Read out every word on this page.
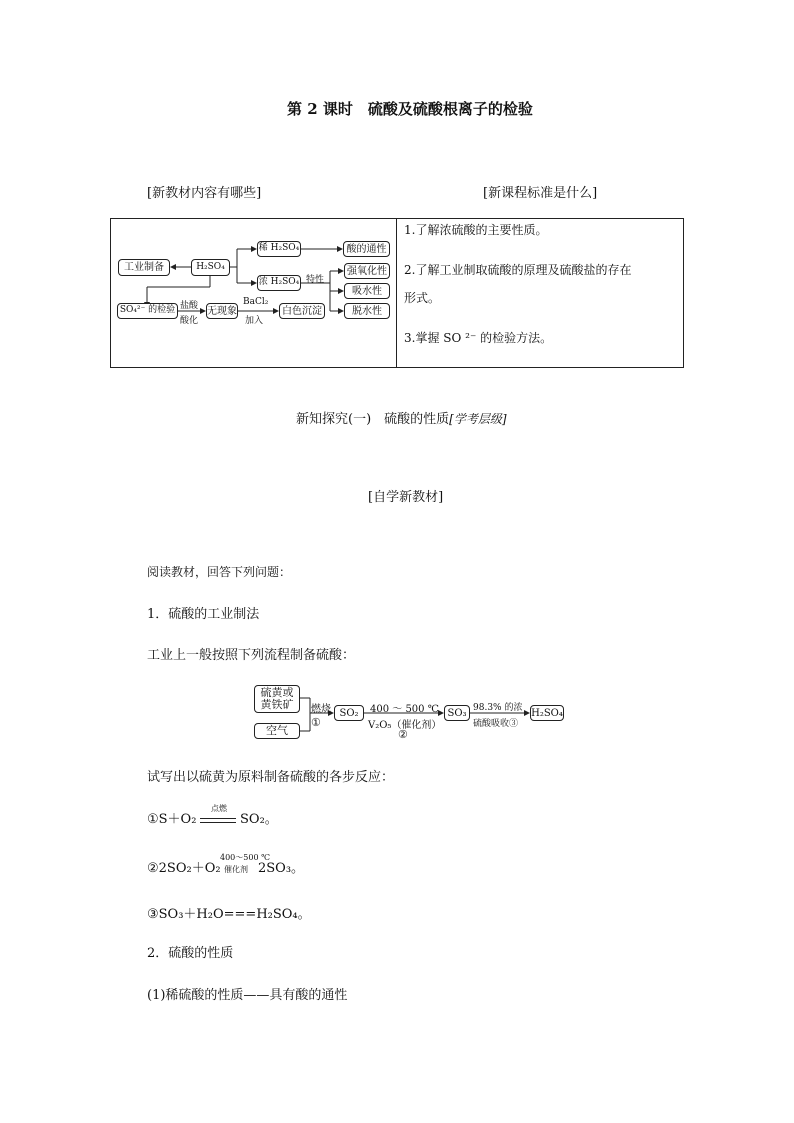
第 2 课时　硫酸及硫酸根离子的检验
[新教材内容有哪些]	[新课程标准是什么]
工业制备	H₂SO₄
稀 H₂SO₄	酸的通性
浓 H₂SO₄ 特性
强氧化性
吸水性
脱水性
SO₄²⁻ 的检验 盐酸
酸化
无现象
BaCl₂
加入
白色沉淀
1.了解浓硫酸的主要性质。
2.了解工业制取硫酸的原理及硫酸盐的存在
形式。
3.掌握 SO ²⁻ 的检验方法。
新知探究(一)　硫酸的性质[学考层级]
[自学新教材]
阅读教材，回答下列问题：
1．硫酸的工业制法
工业上一般按照下列流程制备硫酸：
硫黄或黄铁矿
空气
燃烧
①
SO₂	400 ～ 500 ℃
V₂O₅（催化剂）
②
SO₃ 98.3% 的浓
硫酸吸收③
H₂SO₄
试写出以硫黄为原料制备硫酸的各步反应：
①S＋O₂
点燃
SO₂。
②2SO₂＋O₂
400～500 ℃
催化剂 2SO₃。
③SO₃＋H₂O===H₂SO₄。
2．硫酸的性质
(1)稀硫酸的性质——具有酸的通性
